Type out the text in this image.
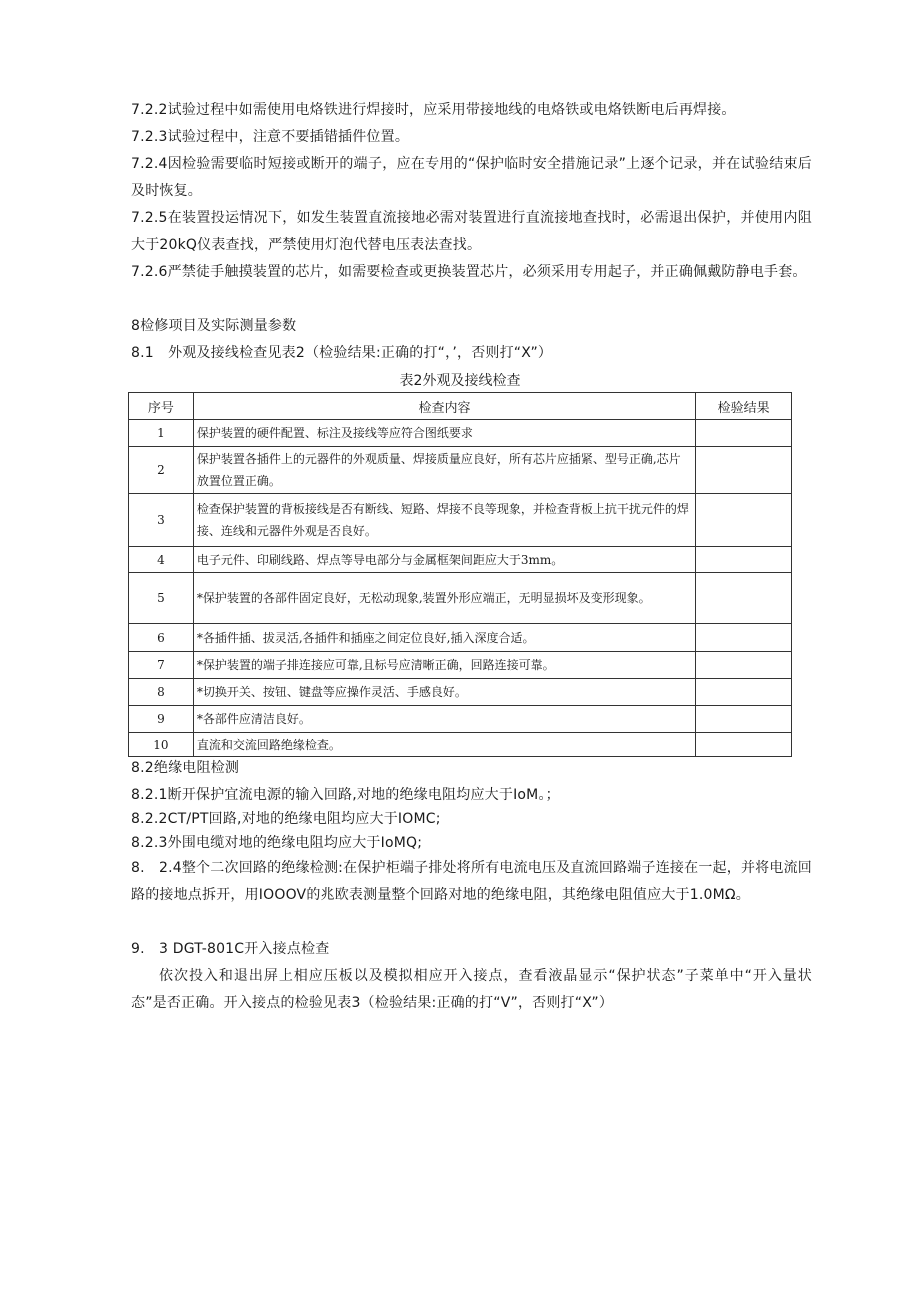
7.2.2试验过程中如需使用电烙铁进行焊接时，应采用带接地线的电烙铁或电烙铁断电后再焊接。

7.2.3试验过程中，注意不要插错插件位置。

7.2.4因检验需要临时短接或断开的端子，应在专用的“保护临时安全措施记录”上逐个记录，并在试验结束后及时恢复。

7.2.5在装置投运情况下，如发生装置直流接地必需对装置进行直流接地查找时，必需退出保护，并使用内阻大于20kQ仪表查找，严禁使用灯泡代替电压表法查找。

7.2.6严禁徒手触摸装置的芯片，如需要检查或更换装置芯片，必须采用专用起子，并正确佩戴防静电手套。

8检修项目及实际测量参数

8.1　外观及接线检查见表2（检验结果:正确的打“，’，否则打“X”）

表2外观及接线检查
序号	检查内容	检验结果
1	保护装置的硬件配置、标注及接线等应符合图纸要求	
2	保护装置各插件上的元器件的外观质量、焊接质量应良好，所有芯片应插紧、型号正确,芯片放置位置正确。	
3	检查保护装置的背板接线是否有断线、短路、焊接不良等现象，并检查背板上抗干扰元件的焊接、连线和元器件外观是否良好。	
4	电子元件、印刷线路、焊点等导电部分与金属框架间距应大于3mm。	
5	*保护装置的各部件固定良好，无松动现象,装置外形应端正，无明显损坏及变形现象。	
6	*各插件插、拔灵活,各插件和插座之间定位良好,插入深度合适。	
7	*保护装置的端子排连接应可靠,且标号应清晰正确，回路连接可靠。	
8	*切换开关、按钮、键盘等应操作灵活、手感良好。	
9	*各部件应清洁良好。	
10	直流和交流回路绝缘检查。	

8.2绝缘电阻检测

8.2.1断开保护宜流电源的输入回路,对地的绝缘电阻均应大于IoM。；

8.2.2CT/PT回路,对地的绝缘电阻均应大于IOMC;

8.2.3外围电缆对地的绝缘电阻均应大于IoMQ;

8.　2.4整个二次回路的绝缘检测:在保护柜端子排处将所有电流电压及直流回路端子连接在一起，并将电流回路的接地点拆开，用IOOOV的兆欧表测量整个回路对地的绝缘电阻，其绝缘电阻值应大于1.0MΩ。

9.　3 DGT-801C开入接点检查

依次投入和退出屏上相应压板以及模拟相应开入接点，查看液晶显示“保护状态”子菜单中“开入量状态”是否正确。开入接点的检验见表3（检验结果:正确的打“V”，否则打“X”）
